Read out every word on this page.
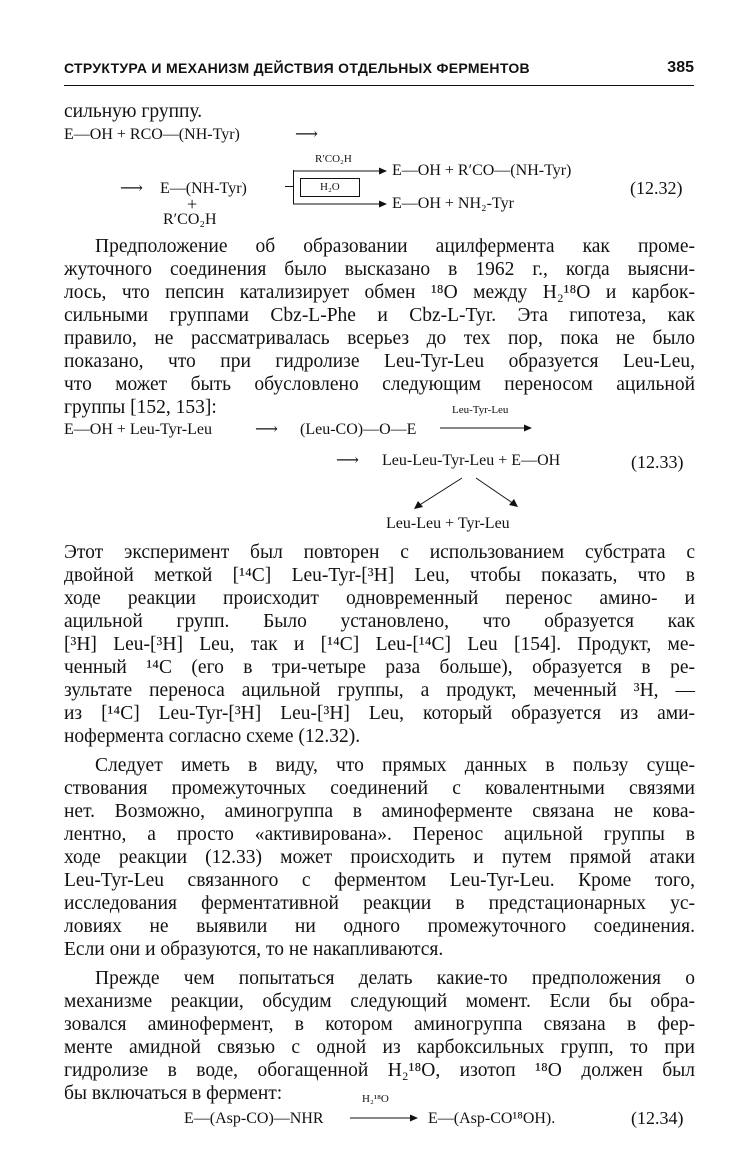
СТРУКТУРА И МЕХАНИЗМ ДЕЙСТВИЯ ОТДЕЛЬНЫХ ФЕРМЕНТОВ	385
сильную группу.
E—OH + RCO—(NH-Tyr)	⟶
⟶ E—(NH-Tyr)
+
R′CO₂H
R′CO₂H
H₂O
E—OH + R′CO—(NH-Tyr)
E—OH + NH₂-Tyr
(12.32)
Предположение об образовании ацилфермента как проме-
жуточного соединения было высказано в 1962 г., когда выясни-
лось, что пепсин катализирует обмен ¹⁸O между H₂¹⁸O и карбок-
сильными группами Cbz-L-Phe и Cbz-L-Tyr. Эта гипотеза, как
правило, не рассматривалась всерьез до тех пор, пока не было
показано, что при гидролизе Leu-Tyr-Leu образуется Leu-Leu,
что может быть обусловлено следующим переносом ацильной
группы [152, 153]:
E—OH + Leu-Tyr-Leu	⟶ (Leu-CO)—O—E
Leu-Tyr-Leu
⟶ Leu-Leu-Tyr-Leu + E—OH	(12.33)
Leu-Leu + Tyr-Leu
Этот эксперимент был повторен с использованием субстрата с
двойной меткой [¹⁴C] Leu-Tyr-[³H] Leu, чтобы показать, что в
ходе реакции происходит одновременный перенос амино- и
ацильной групп. Было установлено, что образуется как
[³H] Leu-[³H] Leu, так и [¹⁴C] Leu-[¹⁴C] Leu [154]. Продукт, ме-
ченный ¹⁴C (его в три-четыре раза больше), образуется в ре-
зультате переноса ацильной группы, а продукт, меченный ³H, —
из [¹⁴C] Leu-Tyr-[³H] Leu-[³H] Leu, который образуется из ами-
нофермента согласно схеме (12.32).
Следует иметь в виду, что прямых данных в пользу суще-
ствования промежуточных соединений с ковалентными связями
нет. Возможно, аминогруппа в аминоферменте связана не кова-
лентно, а просто «активирована». Перенос ацильной группы в
ходе реакции (12.33) может происходить и путем прямой атаки
Leu-Tyr-Leu связанного с ферментом Leu-Tyr-Leu. Кроме того,
исследования ферментативной реакции в предстационарных ус-
ловиях не выявили ни одного промежуточного соединения.
Если они и образуются, то не накапливаются.
Прежде чем попытаться делать какие-то предположения о
механизме реакции, обсудим следующий момент. Если бы обра-
зовался аминофермент, в котором аминогруппа связана в фер-
менте амидной связью с одной из карбоксильных групп, то при
гидролизе в воде, обогащенной H₂¹⁸O, изотоп ¹⁸O должен был
бы включаться в фермент:
E—(Asp-CO)—NHR
H₂¹⁸O
E—(Asp-CO¹⁸OH).	(12.34)
